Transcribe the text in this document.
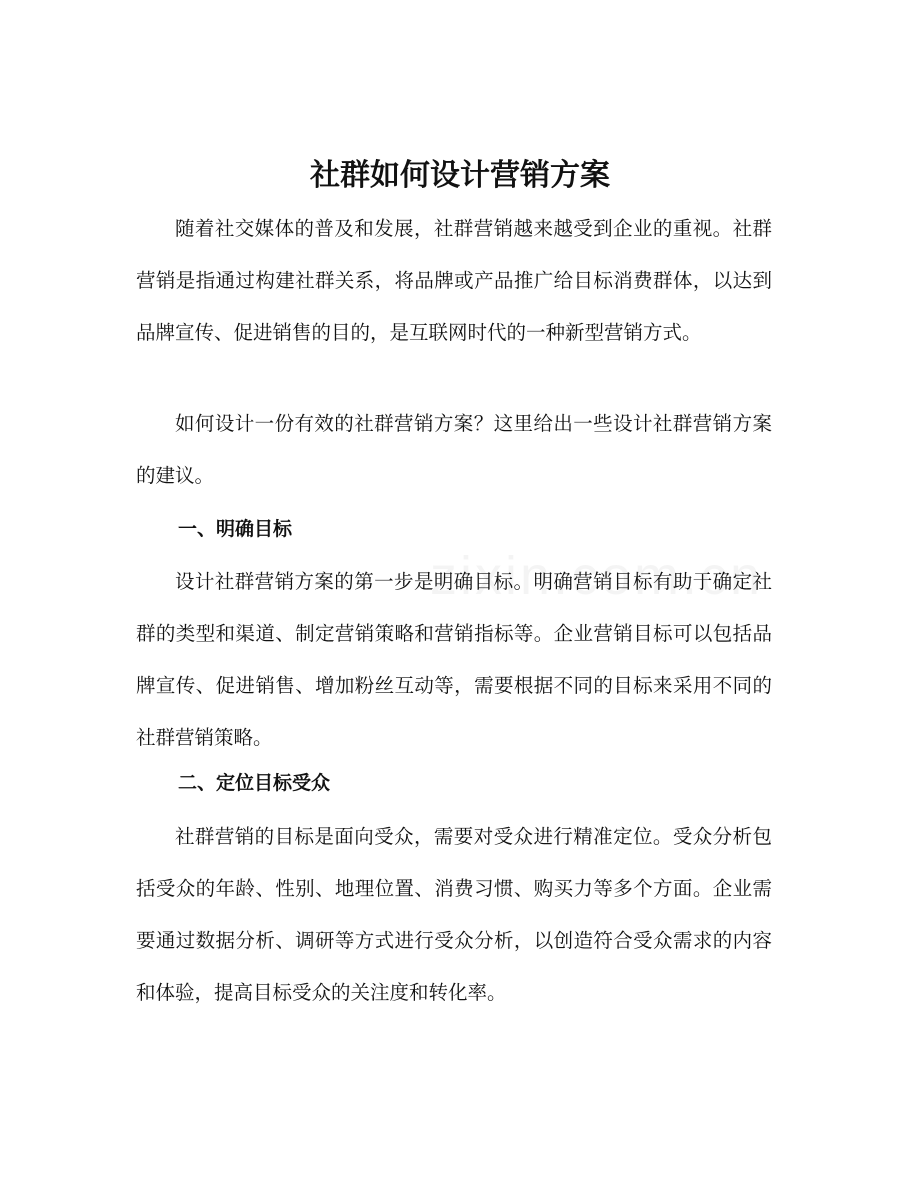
社群如何设计营销方案

随着社交媒体的普及和发展，社群营销越来越受到企业的重视。社群营销是指通过构建社群关系，将品牌或产品推广给目标消费群体，以达到品牌宣传、促进销售的目的，是互联网时代的一种新型营销方式。

如何设计一份有效的社群营销方案？这里给出一些设计社群营销方案的建议。

一、明确目标

设计社群营销方案的第一步是明确目标。明确营销目标有助于确定社群的类型和渠道、制定营销策略和营销指标等。企业营销目标可以包括品牌宣传、促进销售、增加粉丝互动等，需要根据不同的目标来采用不同的社群营销策略。

二、定位目标受众

社群营销的目标是面向受众，需要对受众进行精准定位。受众分析包括受众的年龄、性别、地理位置、消费习惯、购买力等多个方面。企业需要通过数据分析、调研等方式进行受众分析，以创造符合受众需求的内容和体验，提高目标受众的关注度和转化率。
